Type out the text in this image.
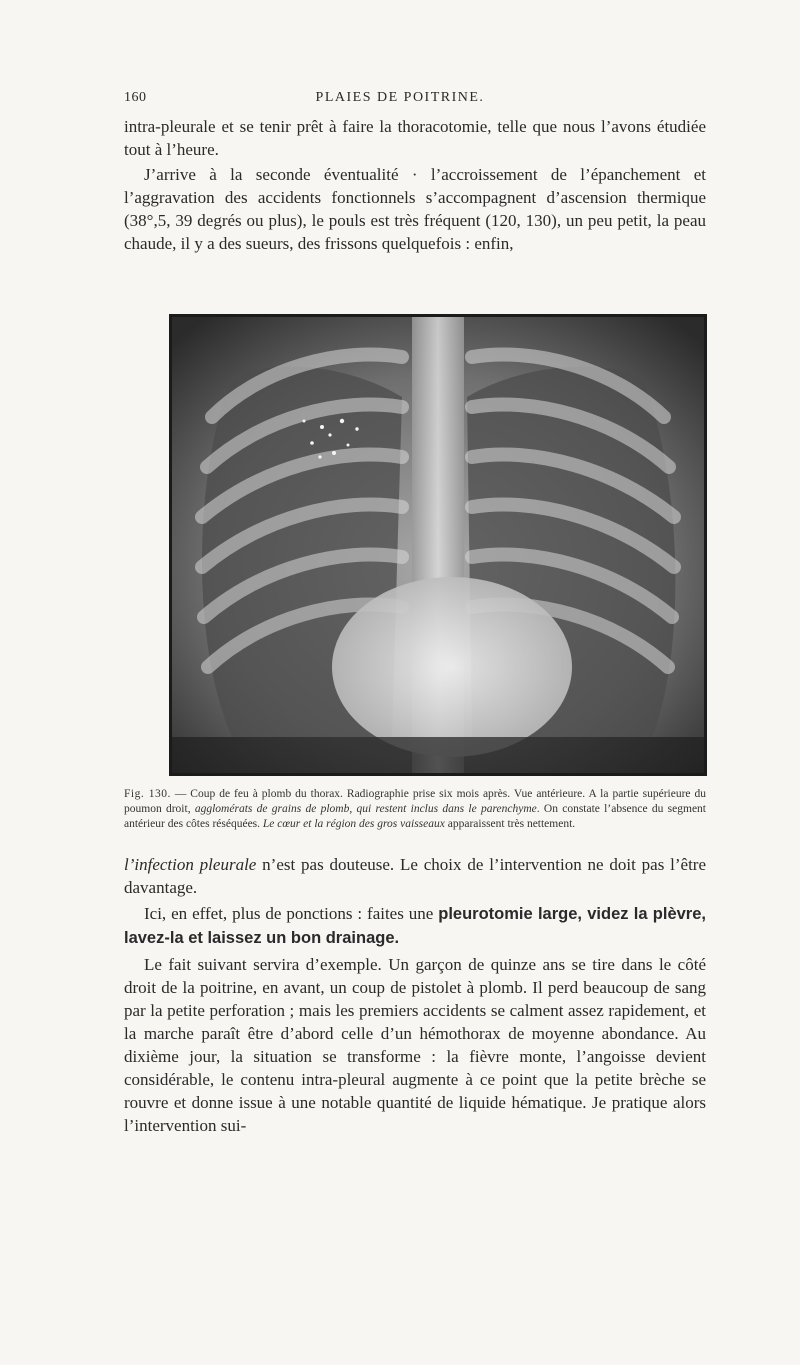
160	PLAIES DE POITRINE.

intra-pleurale et se tenir prêt à faire la thoracotomie, telle que nous l’avons étudiée tout à l’heure.

J’arrive à la seconde éventualité · l’accroissement de l’épanchement et l’aggravation des accidents fonctionnels s’accompagnent d’ascension thermique (38°,5, 39 degrés ou plus), le pouls est très fréquent (120, 130), un peu petit, la peau chaude, il y a des sueurs, des frissons quelquefois : enfin,

Fig. 130. — Coup de feu à plomb du thorax. Radiographie prise six mois après. Vue antérieure. A la partie supérieure du poumon droit, agglomérats de grains de plomb, qui restent inclus dans le parenchyme. On constate l’absence du segment antérieur des côtes réséquées. Le cœur et la région des gros vaisseaux apparaissent très nettement.

l’infection pleurale n’est pas douteuse. Le choix de l’intervention ne doit pas l’être davantage.

Ici, en effet, plus de ponctions : faites une pleurotomie large, videz la plèvre, lavez-la et laissez un bon drainage.

Le fait suivant servira d’exemple. Un garçon de quinze ans se tire dans le côté droit de la poitrine, en avant, un coup de pistolet à plomb. Il perd beaucoup de sang par la petite perforation ; mais les premiers accidents se calment assez rapidement, et la marche paraît être d’abord celle d’un hémothorax de moyenne abondance. Au dixième jour, la situation se transforme : la fièvre monte, l’angoisse devient considérable, le contenu intra-pleural augmente à ce point que la petite brèche se rouvre et donne issue à une notable quantité de liquide hématique. Je pratique alors l’intervention sui-
